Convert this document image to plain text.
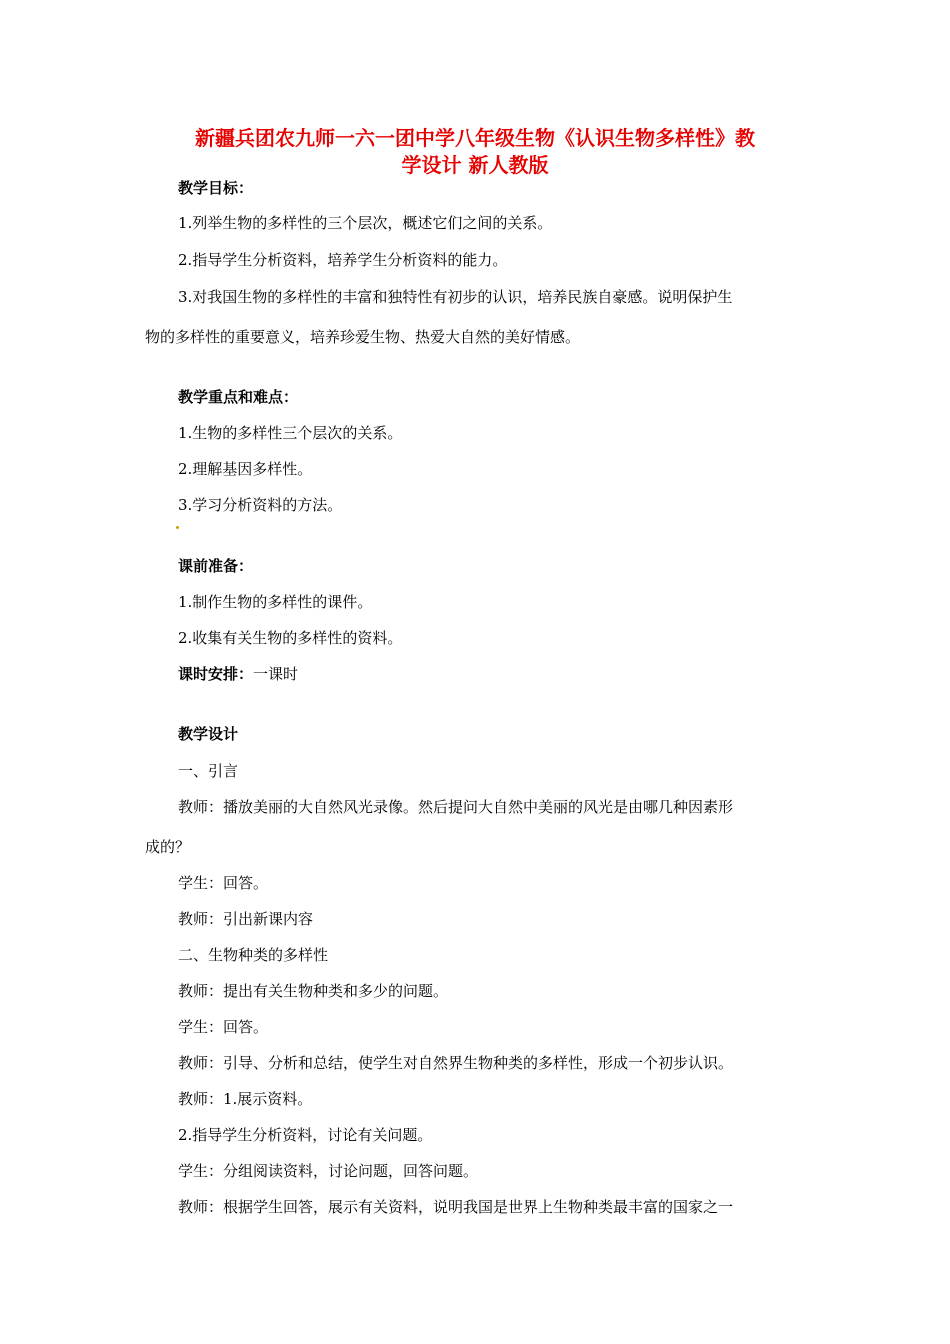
新疆兵团农九师一六一团中学八年级生物《认识生物多样性》教
学设计 新人教版

教学目标：

1.列举生物的多样性的三个层次，概述它们之间的关系。

2.指导学生分析资料，培养学生分析资料的能力。

3.对我国生物的多样性的丰富和独特性有初步的认识，培养民族自豪感。说明保护生

物的多样性的重要意义，培养珍爱生物、热爱大自然的美好情感。

教学重点和难点：

1.生物的多样性三个层次的关系。

2.理解基因多样性。

3.学习分析资料的方法。

课前准备：

1.制作生物的多样性的课件。

2.收集有关生物的多样性的资料。

课时安排：一课时

教学设计

一、引言

教师：播放美丽的大自然风光录像。然后提问大自然中美丽的风光是由哪几种因素形

成的？

学生：回答。

教师：引出新课内容

二、生物种类的多样性

教师：提出有关生物种类和多少的问题。

学生：回答。

教师：引导、分析和总结，使学生对自然界生物种类的多样性，形成一个初步认识。

教师：1.展示资料。

2.指导学生分析资料，讨论有关问题。

学生：分组阅读资料，讨论问题，回答问题。

教师：根据学生回答，展示有关资料，说明我国是世界上生物种类最丰富的国家之一
